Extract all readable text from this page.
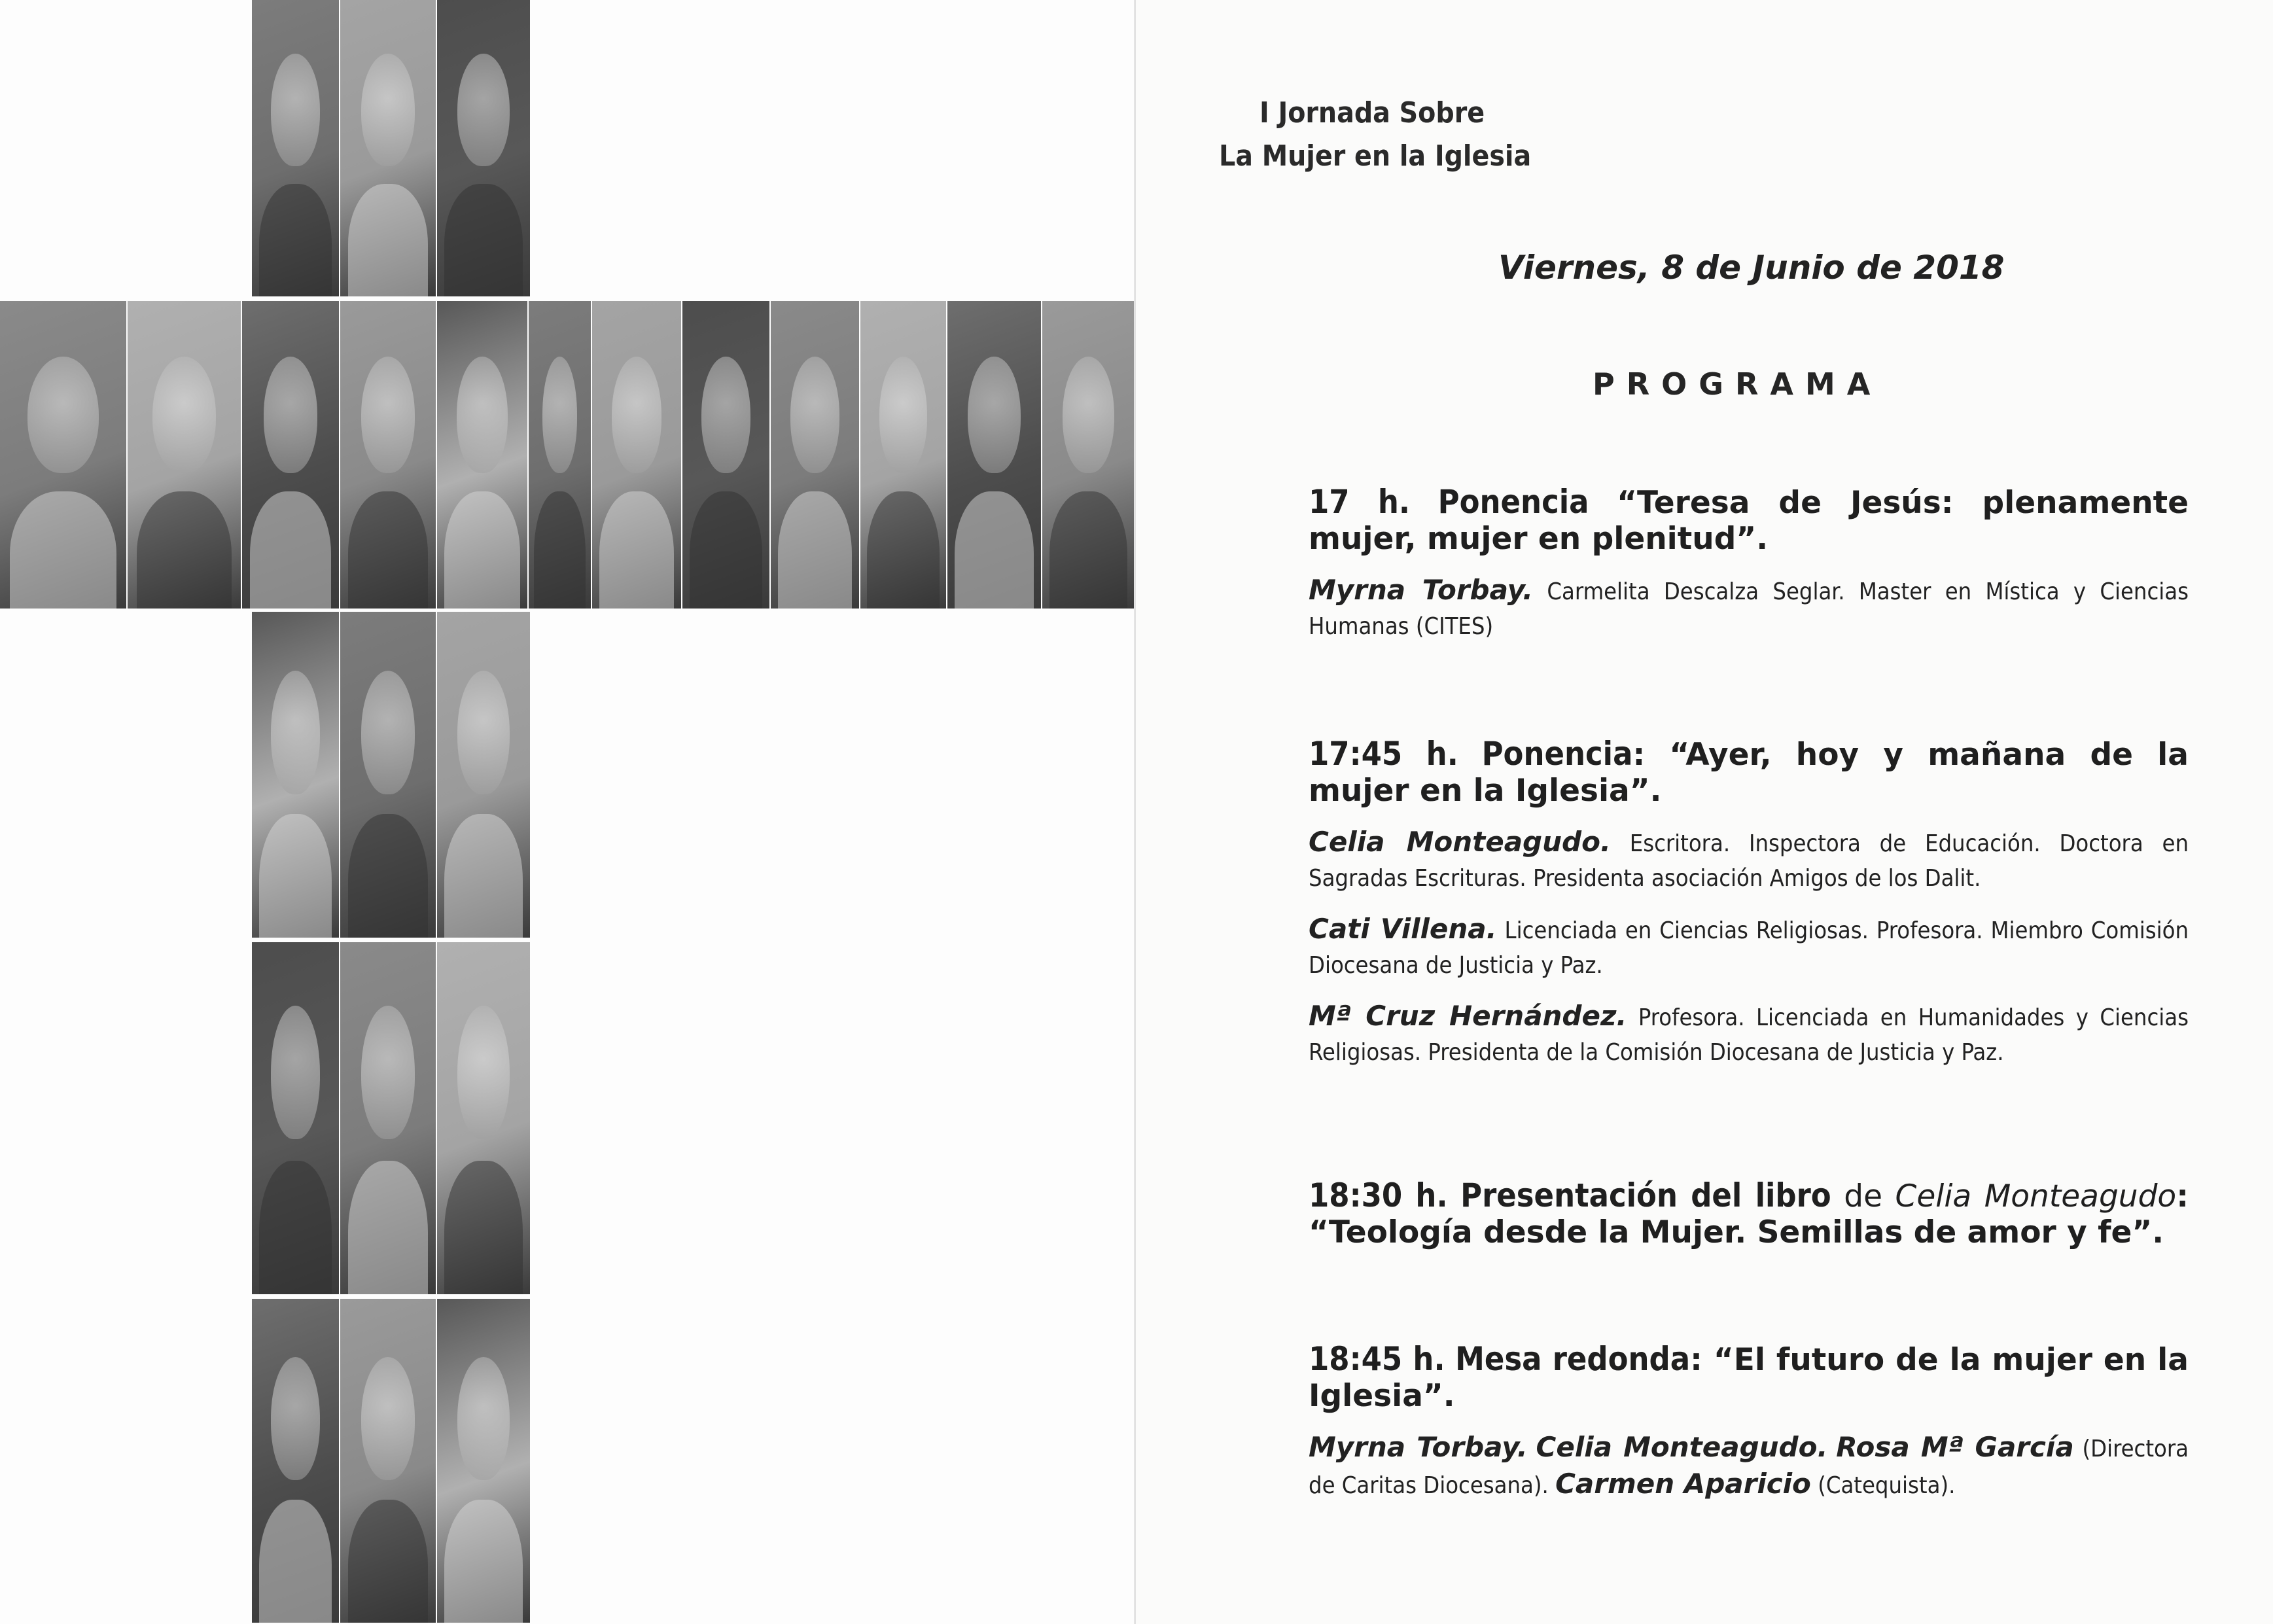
I Jornada Sobre
La Mujer en la Iglesia
Viernes, 8 de Junio de 2018
PROGRAMA

17 h. Ponencia “Teresa de Jesús: plenamente mujer, mujer en plenitud”.

Myrna Torbay. Carmelita Descalza Seglar. Master en Mística y Ciencias Humanas (CITES)

17:45 h. Ponencia: “Ayer, hoy y mañana de la mujer en la Iglesia”.

Celia Monteagudo. Escritora. Inspectora de Educación. Doctora en Sagradas Escrituras. Presidenta asociación Amigos de los Dalit.

Cati Villena. Licenciada en Ciencias Religiosas. Profesora. Miembro Comisión Diocesana de Justicia y Paz.

Mª Cruz Hernández. Profesora. Licenciada en Humanidades y Ciencias Religiosas. Presidenta de la Comisión Diocesana de Justicia y Paz.

18:30 h. Presentación del libro de Celia Monteagudo: “Teología desde la Mujer. Semillas de amor y fe”.

18:45 h. Mesa redonda: “El futuro de la mujer en la Iglesia”.

Myrna Torbay. Celia Monteagudo. Rosa Mª García (Directora de Caritas Diocesana). Carmen Aparicio (Catequista).
